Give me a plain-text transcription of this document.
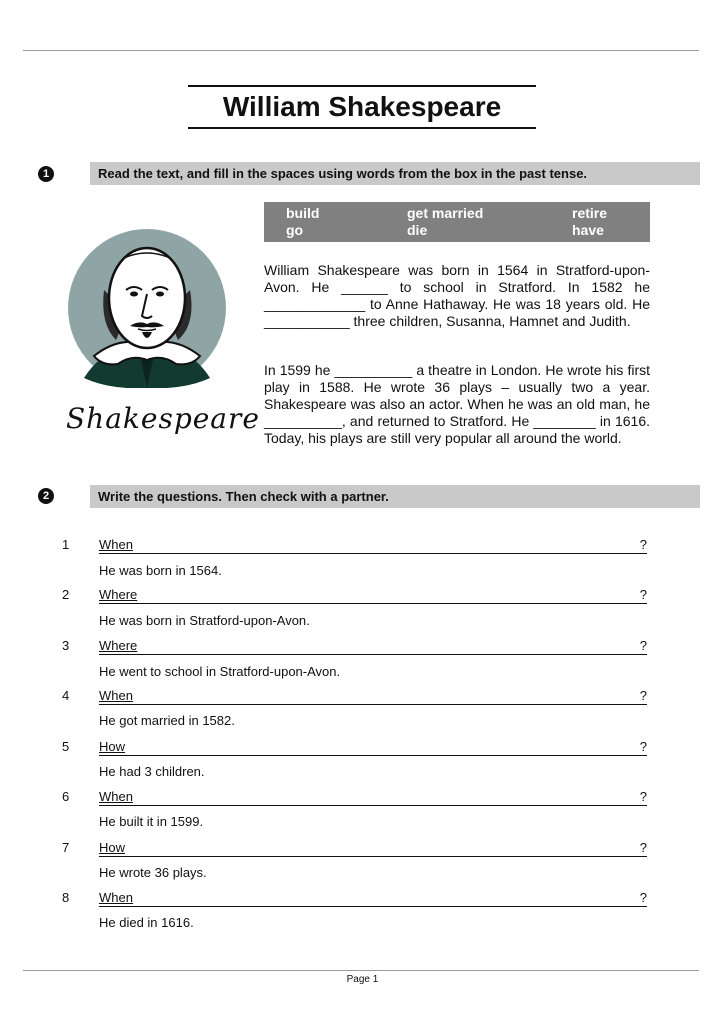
William Shakespeare
1	Read the text, and fill in the spaces using words from the box in the past tense.
build	get married	retire
go	die	have
Shakespeare

William Shakespeare was born in 1564 in Stratford-upon-Avon. He ______ to school in Stratford. In 1582 he _____________ to Anne Hathaway. He was 18 years old. He ___________ three children, Susanna, Hamnet and Judith.

In 1599 he __________ a theatre in London. He wrote his first play in 1588. He wrote 36 plays – usually two a year. Shakespeare was also an actor. When he was an old man, he __________, and returned to Stratford. He ________ in 1616. Today, his plays are still very popular all around the world.

2	Write the questions. Then check with a partner.
1	When	?
He was born in 1564.
2	Where	?
He was born in Stratford-upon-Avon.
3	Where	?
He went to school in Stratford-upon-Avon.
4	When	?
He got married in 1582.
5	How	?
He had 3 children.
6	When	?
He built it in 1599.
7	How	?
He wrote 36 plays.
8	When	?
He died in 1616.
Page 1
